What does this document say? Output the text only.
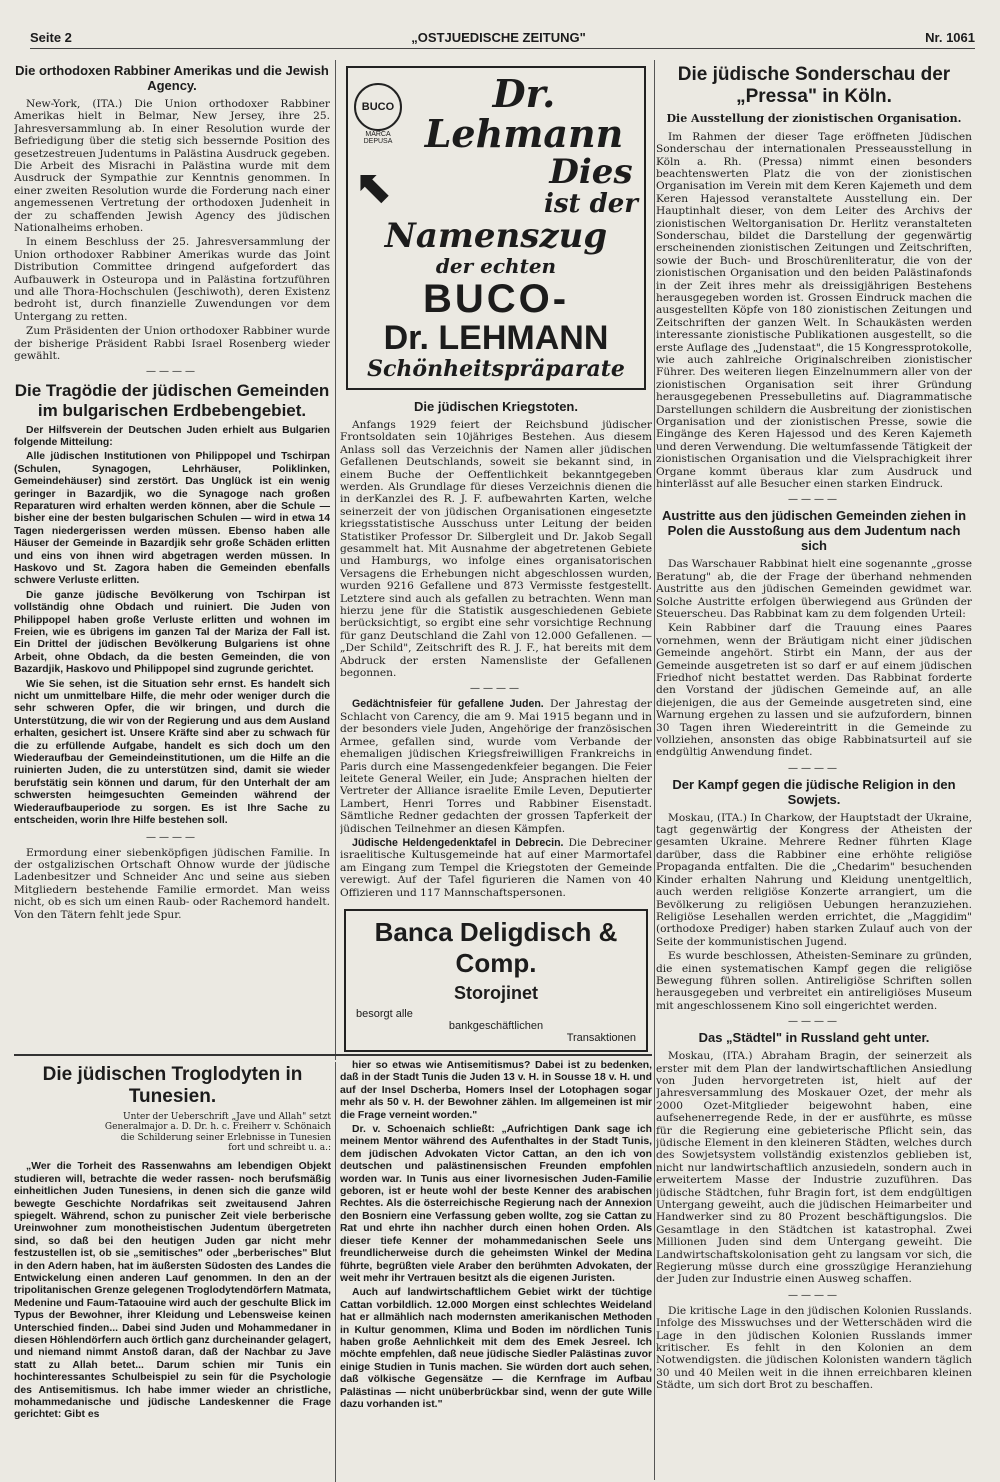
Seite 2	„OSTJUEDISCHE ZEITUNG"	Nr. 1061
Die orthodoxen Rabbiner Amerikas und die Jewish Agency.

New-York, (ITA.) Die Union orthodoxer Rabbiner Amerikas hielt in Belmar, New Jersey, ihre 25. Jahresversammlung ab. In einer Resolution wurde der Befriedigung über die stetig sich bessernde Position des gesetzestreuen Judentums in Palästina Ausdruck gegeben. Die Arbeit des Misrachi in Palästina wurde mit dem Ausdruck der Sympathie zur Kenntnis genommen. In einer zweiten Resolution wurde die Forderung nach einer angemessenen Vertretung der orthodoxen Judenheit in der zu schaffenden Jewish Agency des jüdischen Nationalheims erhoben.

In einem Beschluss der 25. Jahresversammlung der Union orthodoxer Rabbiner Amerikas wurde das Joint Distribution Committee dringend aufgefordert das Aufbauwerk in Osteuropa und in Palästina fortzuführen und alle Thora-Hochschulen (Jeschiwoth), deren Existenz bedroht ist, durch finanzielle Zuwendungen vor dem Untergang zu retten.

Zum Präsidenten der Union orthodoxer Rabbiner wurde der bisherige Präsident Rabbi Israel Rosenberg wieder gewählt.

————
Die Tragödie der jüdischen Gemeinden im bulgarischen Erdbebengebiet.

Der Hilfsverein der Deutschen Juden erhielt aus Bulgarien folgende Mitteilung:

Alle jüdischen Institutionen von Philippopel und Tschirpan (Schulen, Synagogen, Lehrhäuser, Poliklinken, Gemeindehäuser) sind zerstört. Das Unglück ist ein wenig geringer in Bazardjik, wo die Synagoge nach großen Reparaturen wird erhalten werden können, aber die Schule — bisher eine der besten bulgarischen Schulen — wird in etwa 14 Tagen niedergerissen werden müssen. Ebenso haben alle Häuser der Gemeinde in Bazardjik sehr große Schäden erlitten und eins von ihnen wird abgetragen werden müssen. In Haskovo und St. Zagora haben die Gemeinden ebenfalls schwere Verluste erlitten.

Die ganze jüdische Bevölkerung von Tschirpan ist vollständig ohne Obdach und ruiniert. Die Juden von Philippopel haben große Verluste erlitten und wohnen im Freien, wie es übrigens im ganzen Tal der Mariza der Fall ist. Ein Drittel der jüdischen Bevölkerung Bulgariens ist ohne Arbeit, ohne Obdach, da die besten Gemeinden, die von Bazardjik, Haskovo und Philippopel sind zugrunde gerichtet.

Wie Sie sehen, ist die Situation sehr ernst. Es handelt sich nicht um unmittelbare Hilfe, die mehr oder weniger durch die sehr schweren Opfer, die wir bringen, und durch die Unterstützung, die wir von der Regierung und aus dem Ausland erhalten, gesichert ist. Unsere Kräfte sind aber zu schwach für die zu erfüllende Aufgabe, handelt es sich doch um den Wiederaufbau der Gemeindeinstitutionen, um die Hilfe an die ruinierten Juden, die zu unterstützen sind, damit sie wieder berufstätig sein können und darum, für den Unterhalt der am schwersten heimgesuchten Gemeinden während der Wiederaufbauperiode zu sorgen. Es ist Ihre Sache zu entscheiden, worin Ihre Hilfe bestehen soll.

————

Ermordung einer siebenköpfigen jüdischen Familie. In der ostgalizischen Ortschaft Ohnow wurde der jüdische Ladenbesitzer und Schneider Anc und seine aus sieben Mitgliedern bestehende Familie ermordet. Man weiss nicht, ob es sich um einen Raub- oder Rachemord handelt. Von den Tätern fehlt jede Spur.

BUCO
MARCA DEPUSA
Dr. Lehmann
⬉	Dies
ist der
Namenszug
der echten
BUCO-
Dr. LEHMANN
Schönheitspräparate
Die jüdischen Kriegstoten.

Anfangs 1929 feiert der Reichsbund jüdischer Frontsoldaten sein 10jähriges Bestehen. Aus diesem Anlass soll das Verzeichnis der Namen aller jüdischen Gefallenen Deutschlands, soweit sie bekannt sind, in einem Buche der Oeffentlichkeit bekanntgegeben werden. Als Grundlage für dieses Verzeichnis dienen die in derKanzlei des R. J. F. aufbewahrten Karten, welche seinerzeit der von jüdischen Organisationen eingesetzte kriegsstatistische Ausschuss unter Leitung der beiden Statistiker Professor Dr. Silbergleit und Dr. Jakob Segall gesammelt hat. Mit Ausnahme der abgetretenen Gebiete und Hamburgs, wo infolge eines organisatorischen Versagens die Erhebungen nicht abgeschlossen wurden, wurden 9216 Gefallene und 873 Vermisste festgestellt. Letztere sind auch als gefallen zu betrachten. Wenn man hierzu jene für die Statistik ausgeschiedenen Gebiete berücksichtigt, so ergibt eine sehr vorsichtige Rechnung für ganz Deutschland die Zahl von 12.000 Gefallenen. — „Der Schild", Zeitschrift des R. J. F., hat bereits mit dem Abdruck der ersten Namensliste der Gefallenen begonnen.

————

Gedächtnisfeier für gefallene Juden. Der Jahrestag der Schlacht von Carency, die am 9. Mai 1915 begann und in der besonders viele Juden, Angehörige der französischen Armee, gefallen sind, wurde vom Verbande der ehemaligen jüdischen Kriegsfreiwilligen Frankreichs in Paris durch eine Massengedenkfeier begangen. Die Feier leitete General Weiler, ein Jude; Ansprachen hielten der Vertreter der Alliance israelite Emile Leven, Deputierter Lambert, Henri Torres und Rabbiner Eisenstadt. Sämtliche Redner gedachten der grossen Tapferkeit der jüdischen Teilnehmer an diesen Kämpfen.

Jüdische Heldengedenktafel in Debrecin. Die Debreciner israelitische Kultusgemeinde hat auf einer Marmortafel am Eingang zum Tempel die Kriegstoten der Gemeinde verewigt. Auf der Tafel figurieren die Namen von 40 Offizieren und 117 Mannschaftspersonen.

Banca Deligdisch & Comp.
Storojinet
besorgt alle
bankgeschäftlichen
Transaktionen
Die jüdische Sonderschau der „Pressa" in Köln.
Die Ausstellung der zionistischen Organisation.

Im Rahmen der dieser Tage eröffneten Jüdischen Sonderschau der internationalen Presseausstellung in Köln a. Rh. (Pressa) nimmt einen besonders beachtenswerten Platz die von der zionistischen Organisation im Verein mit dem Keren Kajemeth und dem Keren Hajessod veranstaltete Ausstellung ein. Der Hauptinhalt dieser, von dem Leiter des Archivs der zionistischen Weltorganisation Dr. Herlitz veranstalteten Sonderschau, bildet die Darstellung der gegenwärtig erscheinenden zionistischen Zeitungen und Zeitschriften, sowie der Buch- und Broschürenliteratur, die von der zionistischen Organisation und den beiden Palästinafonds in der Zeit ihres mehr als dreissigjährigen Bestehens herausgegeben worden ist. Grossen Eindruck machen die ausgestellten Köpfe von 180 zionistischen Zeitungen und Zeitschriften der ganzen Welt. In Schaukästen werden interessante zionistische Publikationen ausgestellt, so die erste Auflage des „Judenstaat", die 15 Kongressprotokolle, wie auch zahlreiche Originalschreiben zionistischer Führer. Des weiteren liegen Einzelnummern aller von der zionistischen Organisation seit ihrer Gründung herausgegebenen Pressebulletins auf. Diagrammatische Darstellungen schildern die Ausbreitung der zionistischen Organisation und der zionistischen Presse, sowie die Eingänge des Keren Hajessod und des Keren Kajemeth und deren Verwendung. Die weltumfassende Tätigkeit der zionistischen Organisation und die Vielsprachigkeit ihrer Organe kommt überaus klar zum Ausdruck und hinterlässt auf alle Besucher einen starken Eindruck.

————
Austritte aus den jüdischen Gemeinden ziehen in Polen die Ausstoßung aus dem Judentum nach sich

Das Warschauer Rabbinat hielt eine sogenannte „grosse Beratung" ab, die der Frage der überhand nehmenden Austritte aus den jüdischen Gemeinden gewidmet war. Solche Austritte erfolgen überwiegend aus Gründen der Steuerscheu. Das Rabbinat kam zu dem folgenden Urteil:

Kein Rabbiner darf die Trauung eines Paares vornehmen, wenn der Bräutigam nicht einer jüdischen Gemeinde angehört. Stirbt ein Mann, der aus der Gemeinde ausgetreten ist so darf er auf einem jüdischen Friedhof nicht bestattet werden. Das Rabbinat forderte den Vorstand der jüdischen Gemeinde auf, an alle diejenigen, die aus der Gemeinde ausgetreten sind, eine Warnung ergehen zu lassen und sie aufzufordern, binnen 30 Tagen ihren Wiedereintritt in die Gemeinde zu vollziehen, ansonsten das obige Rabbinatsurteil auf sie endgültig Anwendung findet.

————
Der Kampf gegen die jüdische Religion in den Sowjets.

Moskau, (ITA.) In Charkow, der Hauptstadt der Ukraine, tagt gegenwärtig der Kongress der Atheisten der gesamten Ukraine. Mehrere Redner führten Klage darüber, dass die Rabbiner eine erhöhte religiöse Propaganda entfalten. Die die „Chedarim" besuchenden Kinder erhalten Nahrung und Kleidung unentgeltlich, auch werden religiöse Konzerte arrangiert, um die Bevölkerung zu religiösen Uebungen heranzuziehen. Religiöse Lesehallen werden errichtet, die „Maggidim" (orthodoxe Prediger) haben starken Zulauf auch von der Seite der kommunistischen Jugend.

Es wurde beschlossen, Atheisten-Seminare zu gründen, die einen systematischen Kampf gegen die religiöse Bewegung führen sollen. Antireligiöse Schriften sollen herausgegeben und verbreitet ein antireligiöses Museum mit angeschlossenem Kino soll eingerichtet werden.

————
Das „Städtel" in Russland geht unter.

Moskau, (ITA.) Abraham Bragin, der seinerzeit als erster mit dem Plan der landwirtschaftlichen Ansiedlung von Juden hervorgetreten ist, hielt auf der Jahresversammlung des Moskauer Ozet, der mehr als 2000 Ozet-Mitglieder beigewohnt haben, eine aufsehenerregende Rede, in der er ausführte, es müsse für die Regierung eine gebieterische Pflicht sein, das jüdische Element in den kleineren Städten, welches durch des Sowjetsystem vollständig existenzlos geblieben ist, nicht nur landwirtschaftlich anzusiedeln, sondern auch in erweitertem Masse der Industrie zuzuführen. Das jüdische Städtchen, fuhr Bragin fort, ist dem endgültigen Untergang geweiht, auch die jüdischen Heimarbeiter und Handwerker sind zu 80 Prozent beschäftigungslos. Die Gesamtlage in den Städtchen ist katastrophal. Zwei Millionen Juden sind dem Untergang geweiht. Die Landwirtschaftskolonisation geht zu langsam vor sich, die Regierung müsse durch eine grosszügige Heranziehung der Juden zur Industrie einen Ausweg schaffen.

————

Die kritische Lage in den jüdischen Kolonien Russlands. Infolge des Misswuchses und der Wetterschäden wird die Lage in den jüdischen Kolonien Russlands immer kritischer. Es fehlt in den Kolonien an dem Notwendigsten. die jüdischen Kolonisten wandern täglich 30 und 40 Meilen weit in die ihnen erreichbaren kleinen Städte, um sich dort Brot zu beschaffen.

Die jüdischen Troglodyten in Tunesien.
Unter der Ueberschrift „Jave und Allah" setzt Generalmajor a. D. Dr. h. c. Freiherr v. Schönaich die Schilderung seiner Erlebnisse in Tunesien fort und schreibt u. a.:

„Wer die Torheit des Rassenwahns am lebendigen Objekt studieren will, betrachte die weder rassen- noch berufsmäßig einheitlichen Juden Tunesiens, in denen sich die ganze wild bewegte Geschichte Nordafrikas seit zweitausend Jahren spiegelt. Während, schon zu punischer Zeit viele berberische Ureinwohner zum monotheistischen Judentum übergetreten sind, so daß bei den heutigen Juden gar nicht mehr festzustellen ist, ob sie „semitisches" oder „berberisches" Blut in den Adern haben, hat im äußersten Südosten des Landes die Entwickelung einen anderen Lauf genommen. In den an der tripolitanischen Grenze gelegenen Troglodytendörfern Matmata, Medenine und Faum-Tataouine wird auch der geschulte Blick im Typus der Bewohner, ihrer Kleidung und Lebensweise keinen Unterschied finden... Dabei sind Juden und Mohammedaner in diesen Höhlendörfern auch örtlich ganz durcheinander gelagert, und niemand nimmt Anstoß daran, daß der Nachbar zu Jave statt zu Allah betet... Darum schien mir Tunis ein hochinteressantes Schulbeispiel zu sein für die Psychologie des Antisemitismus. Ich habe immer wieder an christliche, mohammedanische und jüdische Landeskenner die Frage gerichtet: Gibt es

hier so etwas wie Antisemitismus? Dabei ist zu bedenken, daß in der Stadt Tunis die Juden 13 v. H. in Sousse 18 v. H. und auf der Insel Dscherba, Homers Insel der Lotophagen sogar mehr als 50 v. H. der Bewohner zählen. Im allgemeinen ist mir die Frage verneint worden."

Dr. v. Schoenaich schließt: „Aufrichtigen Dank sage ich meinem Mentor während des Aufenthaltes in der Stadt Tunis, dem jüdischen Advokaten Victor Cattan, an den ich von deutschen und palästinensischen Freunden empfohlen worden war. In Tunis aus einer livornesischen Juden-Familie geboren, ist er heute wohl der beste Kenner des arabischen Rechtes. Als die österreichische Regierung nach der Annexion den Bosniern eine Verfassung geben wollte, zog sie Cattan zu Rat und ehrte ihn nachher durch einen hohen Orden. Als dieser tiefe Kenner der mohammedanischen Seele uns freundlicherweise durch die geheimsten Winkel der Medina führte, begrüßten viele Araber den berühmten Advokaten, der weit mehr ihr Vertrauen besitzt als die eigenen Juristen.

Auch auf landwirtschaftlichem Gebiet wirkt der tüchtige Cattan vorbildlich. 12.000 Morgen einst schlechtes Weideland hat er allmählich nach modernsten amerikanischen Methoden in Kultur genommen, Klima und Boden im nördlichen Tunis haben große Aehnlichkeit mit dem des Emek Jesreel. Ich möchte empfehlen, daß neue jüdische Siedler Palästinas zuvor einige Studien in Tunis machen. Sie würden dort auch sehen, daß völkische Gegensätze — die Kernfrage im Aufbau Palästinas — nicht unüberbrückbar sind, wenn der gute Wille dazu vorhanden ist."
